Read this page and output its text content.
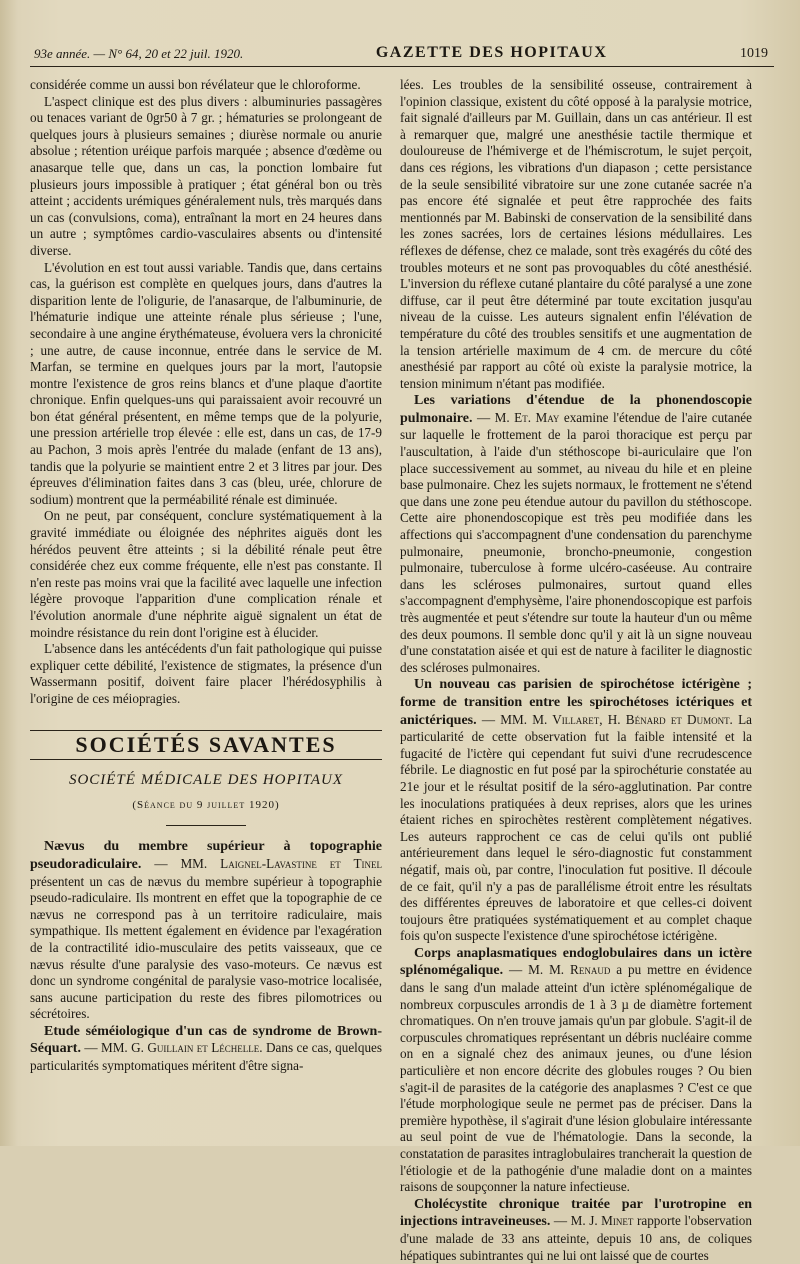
93e année. — N° 64, 20 et 22 juil. 1920.	GAZETTE DES HOPITAUX	1019

considérée comme un aussi bon révélateur que le chloroforme.

L'aspect clinique est des plus divers : albuminuries passagères ou tenaces variant de 0gr50 à 7 gr. ; hématuries se prolongeant de quelques jours à plusieurs semaines ; diurèse normale ou anurie absolue ; rétention uréique parfois marquée ; absence d'œdème ou anasarque telle que, dans un cas, la ponction lombaire fut plusieurs jours impossible à pratiquer ; état général bon ou très atteint ; accidents urémiques généralement nuls, très marqués dans un cas (convulsions, coma), entraînant la mort en 24 heures dans un autre ; symptômes cardio-vasculaires absents ou d'intensité diverse.

L'évolution en est tout aussi variable. Tandis que, dans certains cas, la guérison est complète en quelques jours, dans d'autres la disparition lente de l'oligurie, de l'anasarque, de l'albuminurie, de l'hématurie indique une atteinte rénale plus sérieuse ; l'une, secondaire à une angine érythémateuse, évoluera vers la chronicité ; une autre, de cause inconnue, entrée dans le service de M. Marfan, se termine en quelques jours par la mort, l'autopsie montre l'existence de gros reins blancs et d'une plaque d'aortite chronique. Enfin quelques-uns qui paraissaient avoir recouvré un bon état général présentent, en même temps que de la polyurie, une pression artérielle trop élevée : elle est, dans un cas, de 17-9 au Pachon, 3 mois après l'entrée du malade (enfant de 13 ans), tandis que la polyurie se maintient entre 2 et 3 litres par jour. Des épreuves d'élimination faites dans 3 cas (bleu, urée, chlorure de sodium) montrent que la perméabilité rénale est diminuée.

On ne peut, par conséquent, conclure systématiquement à la gravité immédiate ou éloignée des néphrites aiguës dont les hérédos peuvent être atteints ; si la débilité rénale peut être considérée chez eux comme fréquente, elle n'est pas constante. Il n'en reste pas moins vrai que la facilité avec laquelle une infection légère provoque l'apparition d'une complication rénale et l'évolution anormale d'une néphrite aiguë signalent un état de moindre résistance du rein dont l'origine est à élucider.

L'absence dans les antécédents d'un fait pathologique qui puisse expliquer cette débilité, l'existence de stigmates, la présence d'un Wassermann positif, doivent faire placer l'hérédosyphilis à l'origine de ces méiopragies.

SOCIÉTÉS SAVANTES
SOCIÉTÉ MÉDICALE DES HOPITAUX
(Séance du 9 juillet 1920)

Nævus du membre supérieur à topographie pseudoradiculaire. — MM. Laignel-Lavastine et Tinel présentent un cas de nævus du membre supérieur à topographie pseudo-radiculaire. Ils montrent en effet que la topographie de ce nævus ne correspond pas à un territoire radiculaire, mais sympathique. Ils mettent également en évidence par l'exagération de la contractilité idio-musculaire des petits vaisseaux, que ce nævus résulte d'une paralysie des vaso-moteurs. Ce nævus est donc un syndrome congénital de paralysie vaso-motrice localisée, sans aucune participation du reste des fibres pilomotrices ou sécrétoires.

Etude séméiologique d'un cas de syndrome de Brown-Séquart. — MM. G. Guillain et Léchelle. Dans ce cas, quelques particularités symptomatiques méritent d'être signa-

lées. Les troubles de la sensibilité osseuse, contrairement à l'opinion classique, existent du côté opposé à la paralysie motrice, fait signalé d'ailleurs par M. Guillain, dans un cas antérieur. Il est à remarquer que, malgré une anesthésie tactile thermique et douloureuse de l'hémiverge et de l'hémiscrotum, le sujet perçoit, dans ces régions, les vibrations d'un diapason ; cette persistance de la seule sensibilité vibratoire sur une zone cutanée sacrée n'a pas encore été signalée et peut être rapprochée des faits mentionnés par M. Babinski de conservation de la sensibilité dans les zones sacrées, lors de certaines lésions médullaires. Les réflexes de défense, chez ce malade, sont très exagérés du côté des troubles moteurs et ne sont pas provoquables du côté anesthésié. L'inversion du réflexe cutané plantaire du côté paralysé a une zone diffuse, car il peut être déterminé par toute excitation jusqu'au niveau de la cuisse. Les auteurs signalent enfin l'élévation de température du côté des troubles sensitifs et une augmentation de la tension artérielle maximum de 4 cm. de mercure du côté anesthésié par rapport au côté où existe la paralysie motrice, la tension minimum n'étant pas modifiée.

Les variations d'étendue de la phonendoscopie pulmonaire. — M. Et. May examine l'étendue de l'aire cutanée sur laquelle le frottement de la paroi thoracique est perçu par l'auscultation, à l'aide d'un stéthoscope bi-auriculaire que l'on place successivement au sommet, au niveau du hile et en pleine base pulmonaire. Chez les sujets normaux, le frottement ne s'étend que dans une zone peu étendue autour du pavillon du stéthoscope. Cette aire phonendoscopique est très peu modifiée dans les affections qui s'accompagnent d'une condensation du parenchyme pulmonaire, pneumonie, broncho-pneumonie, congestion pulmonaire, tuberculose à forme ulcéro-caséeuse. Au contraire dans les scléroses pulmonaires, surtout quand elles s'accompagnent d'emphysème, l'aire phonendoscopique est parfois très augmentée et peut s'étendre sur toute la hauteur d'un ou même des deux poumons. Il semble donc qu'il y ait là un signe nouveau d'une constatation aisée et qui est de nature à faciliter le diagnostic des scléroses pulmonaires.

Un nouveau cas parisien de spirochétose ictérigène ; forme de transition entre les spirochétoses ictériques et anictériques. — MM. M. Villaret, H. Bénard et Dumont. La particularité de cette observation fut la faible intensité et la fugacité de l'ictère qui cependant fut suivi d'une recrudescence fébrile. Le diagnostic en fut posé par la spirochéturie constatée au 21e jour et le résultat positif de la séro-agglutination. Par contre les inoculations pratiquées à deux reprises, alors que les urines étaient riches en spirochètes restèrent complètement négatives. Les auteurs rapprochent ce cas de celui qu'ils ont publié antérieurement dans lequel le séro-diagnostic fut constamment négatif, mais où, par contre, l'inoculation fut positive. Il découle de ce fait, qu'il n'y a pas de parallélisme étroit entre les résultats des différentes épreuves de laboratoire et que celles-ci doivent toujours être pratiquées systématiquement et au complet chaque fois qu'on suspecte l'existence d'une spirochétose ictérigène.

Corps anaplasmatiques endoglobulaires dans un ictère splénomégalique. — M. M. Renaud a pu mettre en évidence dans le sang d'un malade atteint d'un ictère splénomégalique de nombreux corpuscules arrondis de 1 à 3 µ de diamètre fortement chromatiques. On n'en trouve jamais qu'un par globule. S'agit-il de corpuscules chromatiques représentant un débris nucléaire comme on en a signalé chez des animaux jeunes, ou d'une lésion particulière et non encore décrite des globules rouges ? Ou bien s'agit-il de parasites de la catégorie des anaplasmes ? C'est ce que l'étude morphologique seule ne permet pas de préciser. Dans la première hypothèse, il s'agirait d'une lésion globulaire intéressante au seul point de vue de l'hématologie. Dans la seconde, la constatation de parasites intraglobulaires trancherait la question de l'étiologie et de la pathogénie d'une maladie dont on a maintes raisons de soupçonner la nature infectieuse.

Cholécystite chronique traitée par l'urotropine en injections intraveineuses. — M. J. Minet rapporte l'observation d'une malade de 33 ans atteinte, depuis 10 ans, de coliques hépatiques subintrantes qui ne lui ont laissé que de courtes
